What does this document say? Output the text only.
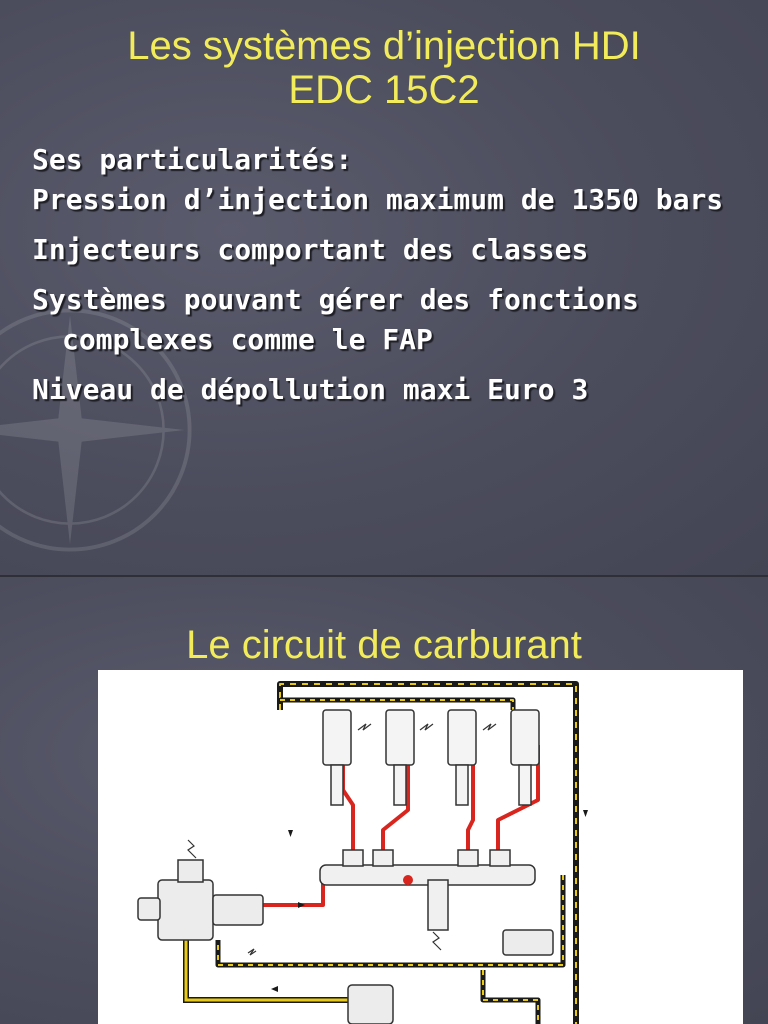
Les systèmes d’injection HDI
EDC 15C2
Ses particularités:
Pression d’injection maximum de 1350 bars
Injecteurs comportant des classes
Systèmes pouvant gérer des fonctions complexes comme le FAP
Niveau de dépollution maxi Euro 3
Le circuit de carburant
